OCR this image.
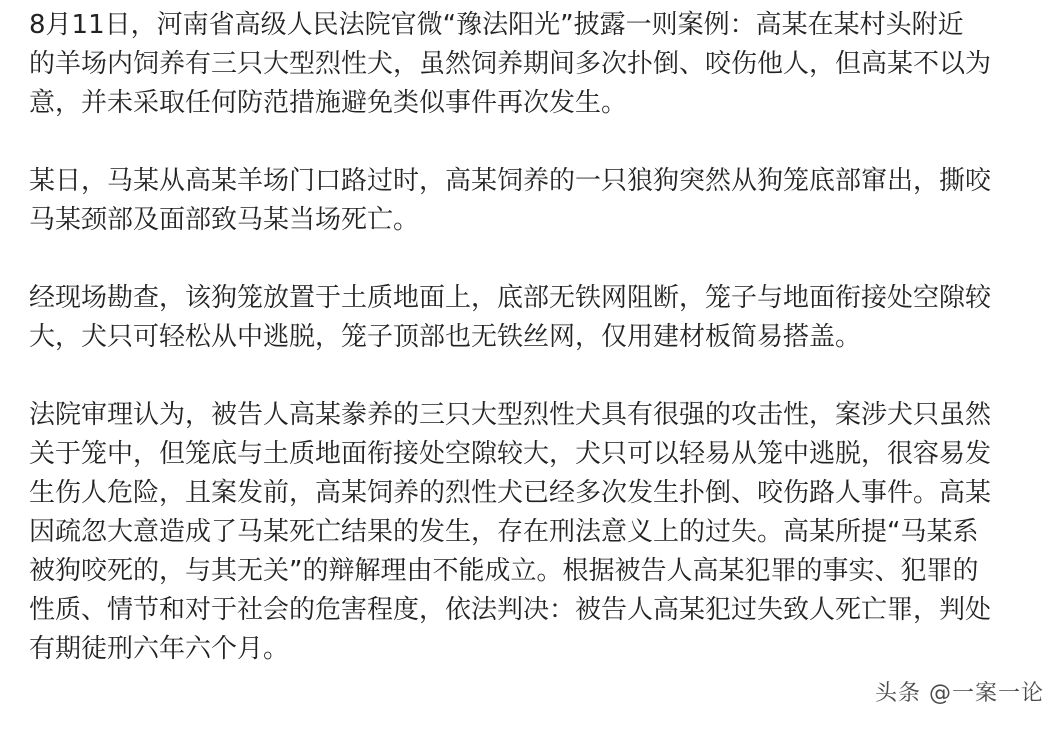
8月11日，河南省高级人民法院官微“豫法阳光”披露一则案例：高某在某村头附近
的羊场内饲养有三只大型烈性犬，虽然饲养期间多次扑倒、咬伤他人，但高某不以为
意，并未采取任何防范措施避免类似事件再次发生。
某日，马某从高某羊场门口路过时，高某饲养的一只狼狗突然从狗笼底部窜出，撕咬
马某颈部及面部致马某当场死亡。
经现场勘查，该狗笼放置于土质地面上，底部无铁网阻断，笼子与地面衔接处空隙较
大，犬只可轻松从中逃脱，笼子顶部也无铁丝网，仅用建材板简易搭盖。
法院审理认为，被告人高某豢养的三只大型烈性犬具有很强的攻击性，案涉犬只虽然
关于笼中，但笼底与土质地面衔接处空隙较大，犬只可以轻易从笼中逃脱，很容易发
生伤人危险，且案发前，高某饲养的烈性犬已经多次发生扑倒、咬伤路人事件。高某
因疏忽大意造成了马某死亡结果的发生，存在刑法意义上的过失。高某所提“马某系
被狗咬死的，与其无关”的辩解理由不能成立。根据被告人高某犯罪的事实、犯罪的
性质、情节和对于社会的危害程度，依法判决：被告人高某犯过失致人死亡罪，判处
有期徒刑六年六个月。
头条 @一案一论
